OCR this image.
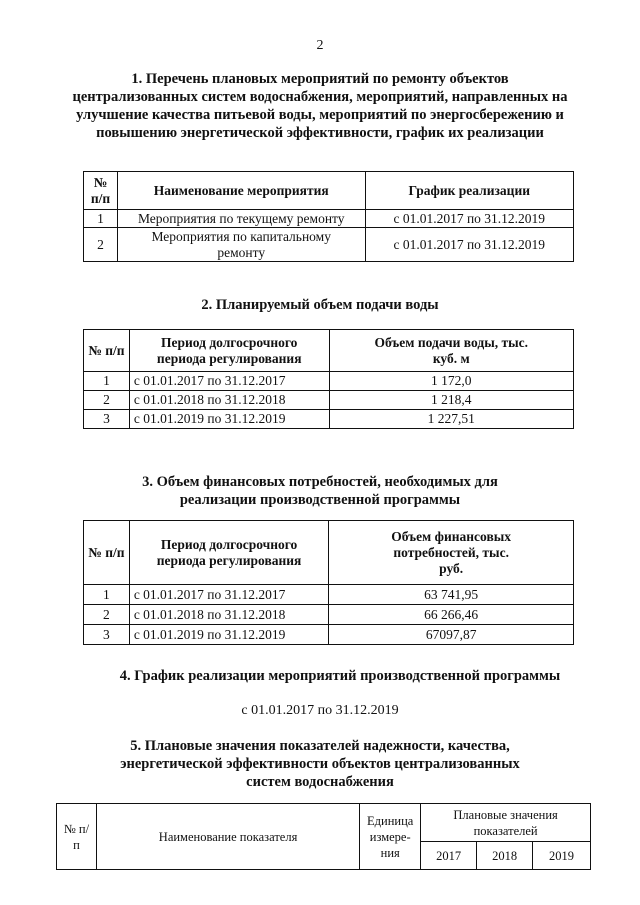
2
1. Перечень плановых мероприятий по ремонту объектов
централизованных систем водоснабжения, мероприятий, направленных на
улучшение качества питьевой воды, мероприятий по энергосбережению и
повышению энергетической эффективности, график их реализации
№ п/п	Наименование мероприятия	График реализации
1	Мероприятия по текущему ремонту	с 01.01.2017 по 31.12.2019
2	Мероприятия по капитальному ремонту	с 01.01.2017 по 31.12.2019
2. Планируемый объем подачи воды
№ п/п	Период долгосрочного периода регулирования	Объем подачи воды, тыс. куб. м
1	с 01.01.2017 по 31.12.2017	1 172,0
2	с 01.01.2018 по 31.12.2018	1 218,4
3	с 01.01.2019 по 31.12.2019	1 227,51
3. Объем финансовых потребностей, необходимых для
реализации производственной программы
№ п/п	Период долгосрочного периода регулирования	Объем финансовых потребностей, тыс. руб.
1	с 01.01.2017 по 31.12.2017	63 741,95
2	с 01.01.2018 по 31.12.2018	66 266,46
3	с 01.01.2019 по 31.12.2019	67097,87
4. График реализации мероприятий производственной программы
с 01.01.2017 по 31.12.2019
5. Плановые значения показателей надежности, качества,
энергетической эффективности объектов централизованных
систем водоснабжения
№ п/п	Наименование показателя	Единица измере-ния	Плановые значения показателей		
			2017	2018	2019
